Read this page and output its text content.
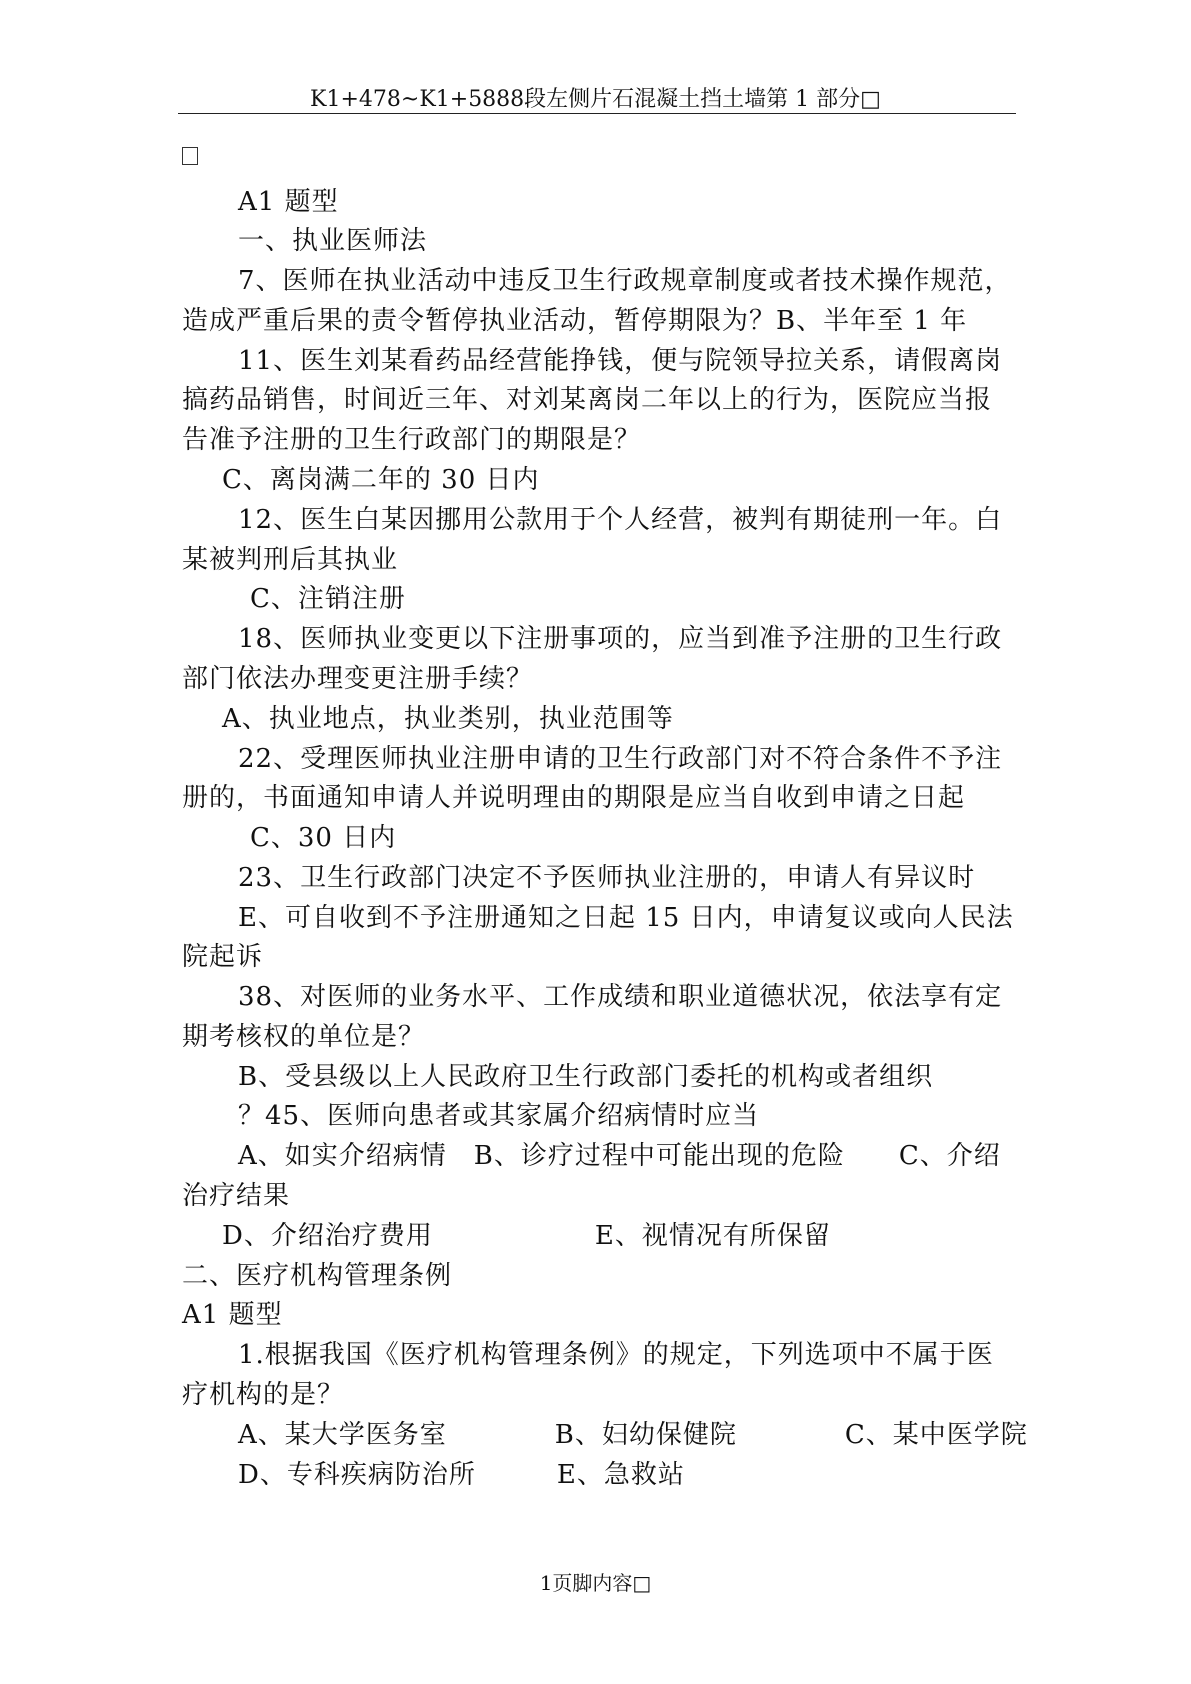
K1+478~K1+5888段左侧片石混凝土挡土墙第 1 部分□
A1 题型
一、执业医师法
7、医师在执业活动中违反卫生行政规章制度或者技术操作规范，
造成严重后果的责令暂停执业活动，暂停期限为？B、半年至 1 年
11、医生刘某看药品经营能挣钱，便与院领导拉关系，请假离岗
搞药品销售，时间近三年、对刘某离岗二年以上的行为，医院应当报
告准予注册的卫生行政部门的期限是？
C、离岗满二年的 30 日内
12、医生白某因挪用公款用于个人经营，被判有期徒刑一年。白
某被判刑后其执业
C、注销注册
18、医师执业变更以下注册事项的，应当到准予注册的卫生行政
部门依法办理变更注册手续？
A、执业地点，执业类别，执业范围等
22、受理医师执业注册申请的卫生行政部门对不符合条件不予注
册的，书面通知申请人并说明理由的期限是应当自收到申请之日起
C、30 日内
23、卫生行政部门决定不予医师执业注册的，申请人有异议时
E、可自收到不予注册通知之日起 15 日内，申请复议或向人民法
院起诉
38、对医师的业务水平、工作成绩和职业道德状况，依法享有定
期考核权的单位是？
B、受县级以上人民政府卫生行政部门委托的机构或者组织
？45、医师向患者或其家属介绍病情时应当
A、如实介绍病情　B、诊疗过程中可能出现的危险　　C、介绍
治疗结果
D、介绍治疗费用　　　　　　E、视情况有所保留
二、医疗机构管理条例
A1 题型
1.根据我国《医疗机构管理条例》的规定，下列选项中不属于医
疗机构的是？
A、某大学医务室　　　　B、妇幼保健院　　　　C、某中医学院
D、专科疾病防治所　　　E、急救站
1页脚内容□
